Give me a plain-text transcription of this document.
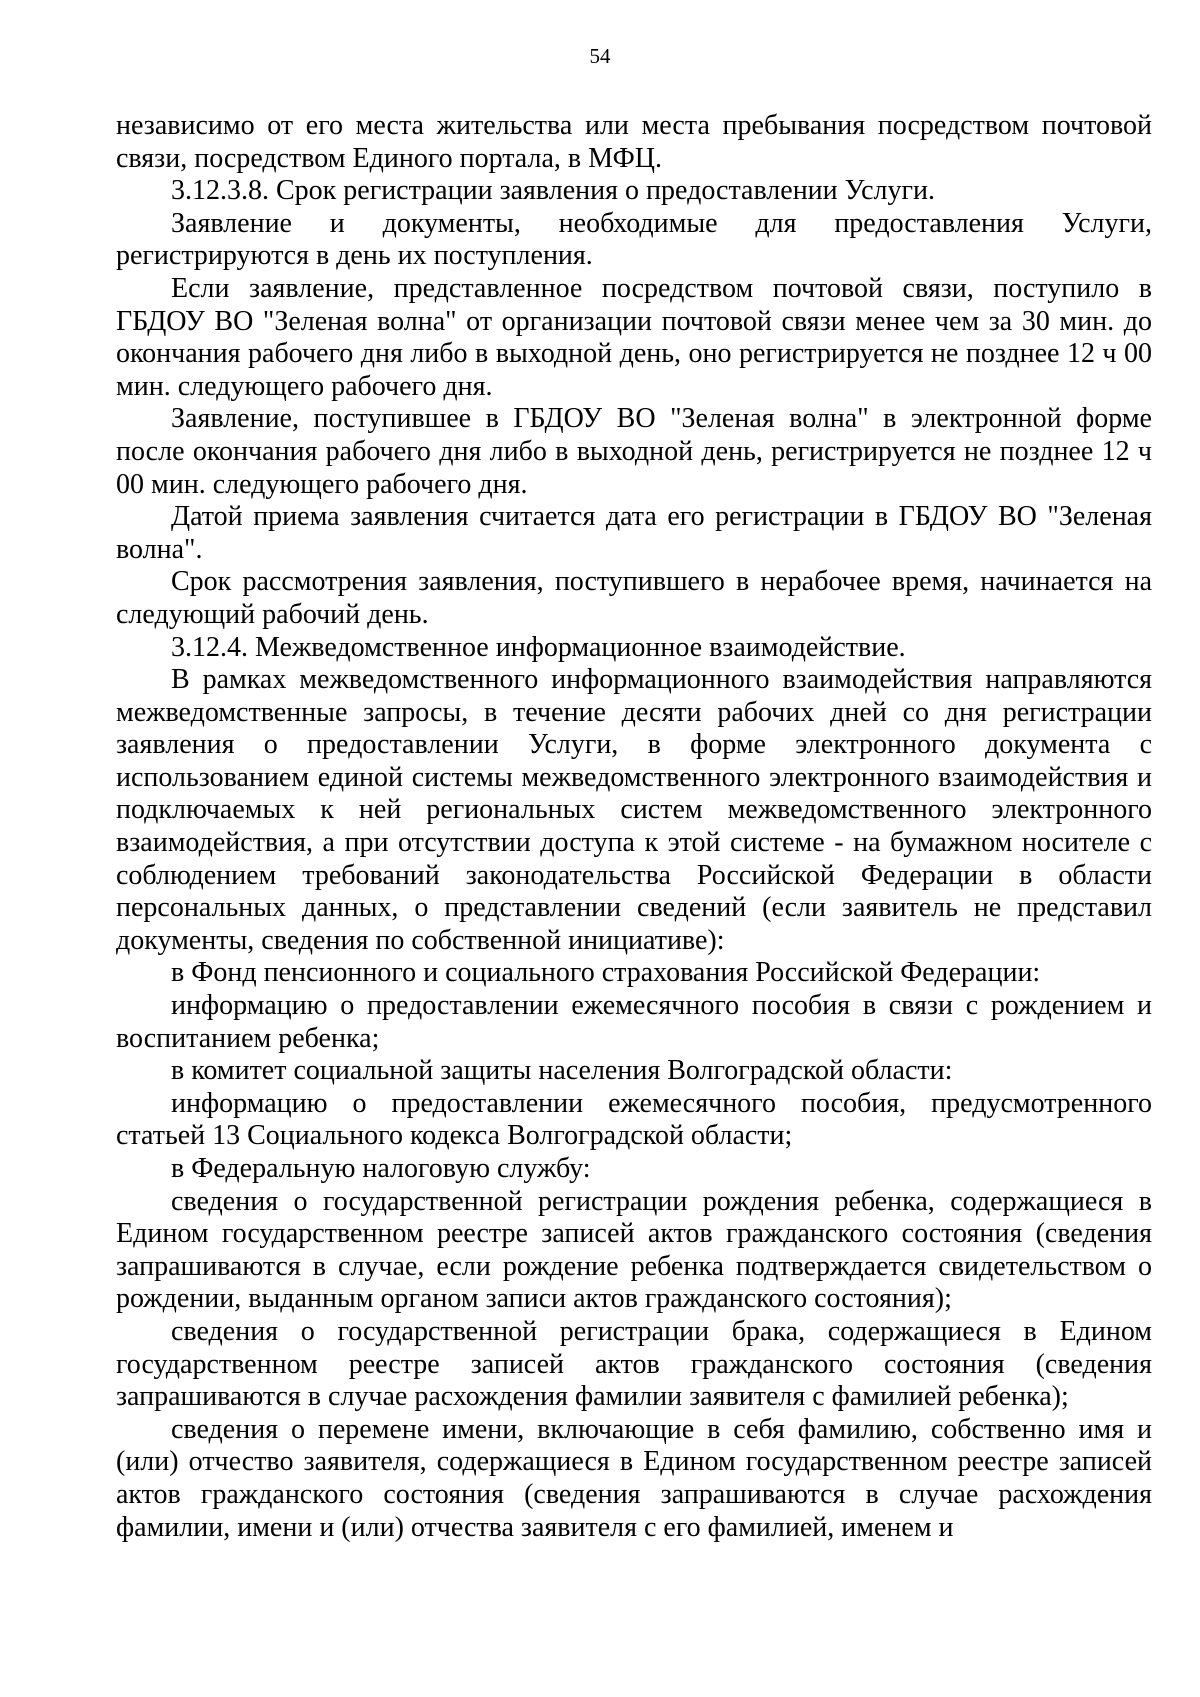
54

независимо от его места жительства или места пребывания посредством почтовой связи, посредством Единого портала, в МФЦ.

3.12.3.8. Срок регистрации заявления о предоставлении Услуги.

Заявление и документы, необходимые для предоставления Услуги, регистрируются в день их поступления.

Если заявление, представленное посредством почтовой связи, поступило в ГБДОУ ВО "Зеленая волна" от организации почтовой связи менее чем за 30 мин. до окончания рабочего дня либо в выходной день, оно регистрируется не позднее 12 ч 00 мин. следующего рабочего дня.

Заявление, поступившее в ГБДОУ ВО "Зеленая волна" в электронной форме после окончания рабочего дня либо в выходной день, регистрируется не позднее 12 ч 00 мин. следующего рабочего дня.

Датой приема заявления считается дата его регистрации в ГБДОУ ВО "Зеленая волна".

Срок рассмотрения заявления, поступившего в нерабочее время, начинается на следующий рабочий день.

3.12.4. Межведомственное информационное взаимодействие.

В рамках межведомственного информационного взаимодействия направляются межведомственные запросы, в течение десяти рабочих дней со дня регистрации заявления о предоставлении Услуги, в форме электронного документа с использованием единой системы межведомственного электронного взаимодействия и подключаемых к ней региональных систем межведомственного электронного взаимодействия, а при отсутствии доступа к этой системе - на бумажном носителе с соблюдением требований законодательства Российской Федерации в области персональных данных, о представлении сведений (если заявитель не представил документы, сведения по собственной инициативе):

в Фонд пенсионного и социального страхования Российской Федерации:

информацию о предоставлении ежемесячного пособия в связи с рождением и воспитанием ребенка;

в комитет социальной защиты населения Волгоградской области:

информацию о предоставлении ежемесячного пособия, предусмотренного статьей 13 Социального кодекса Волгоградской области;

в Федеральную налоговую службу:

сведения о государственной регистрации рождения ребенка, содержащиеся в Едином государственном реестре записей актов гражданского состояния (сведения запрашиваются в случае, если рождение ребенка подтверждается свидетельством о рождении, выданным органом записи актов гражданского состояния);

сведения о государственной регистрации брака, содержащиеся в Едином государственном реестре записей актов гражданского состояния (сведения запрашиваются в случае расхождения фамилии заявителя с фамилией ребенка);

сведения о перемене имени, включающие в себя фамилию, собственно имя и (или) отчество заявителя, содержащиеся в Едином государственном реестре записей актов гражданского состояния (сведения запрашиваются в случае расхождения фамилии, имени и (или) отчества заявителя с его фамилией, именем и
